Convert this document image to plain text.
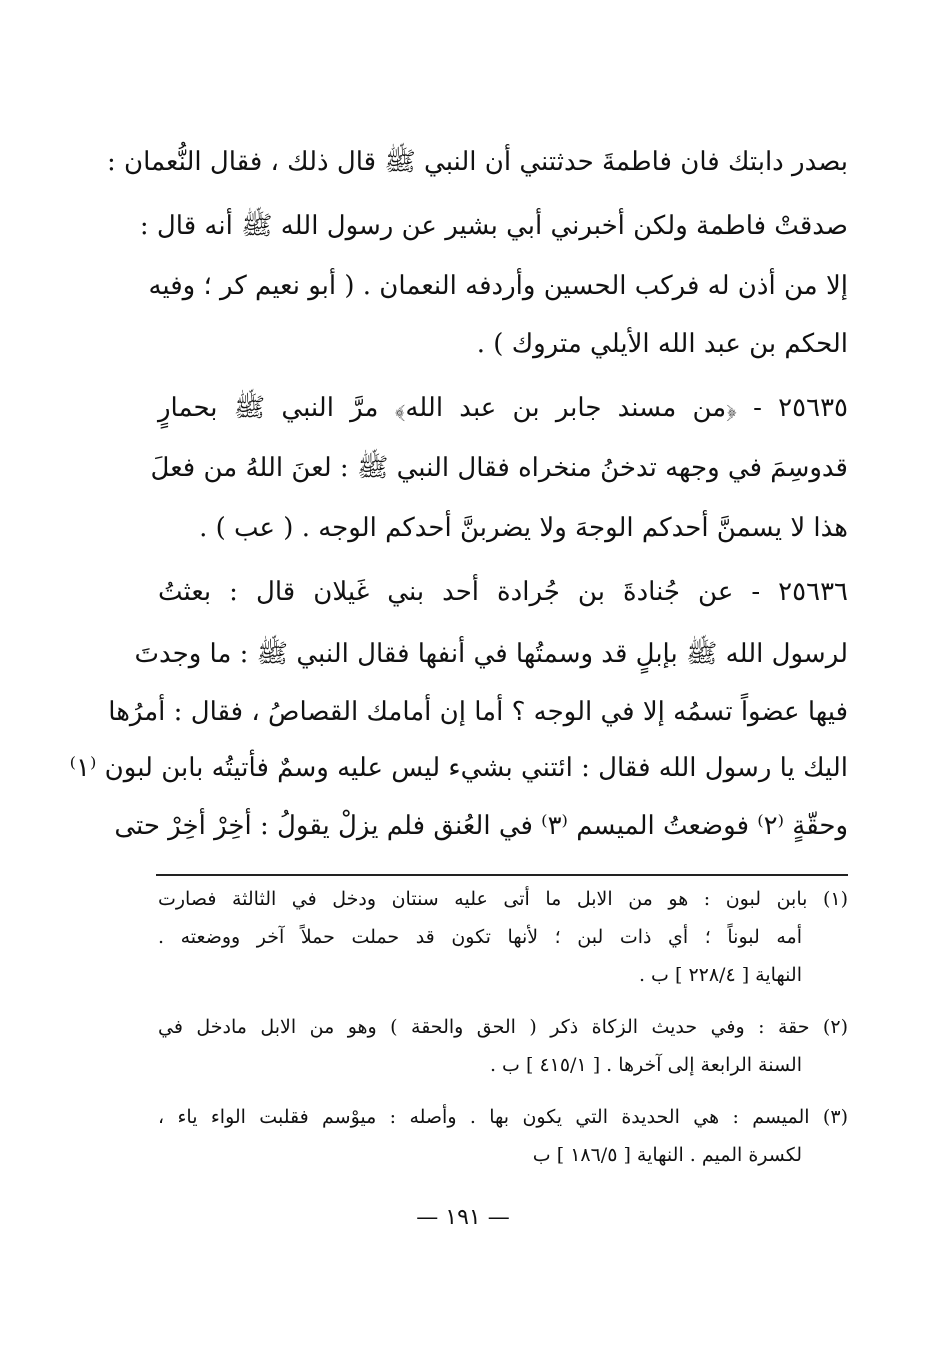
بصدر دابتك فان فاطمةَ حدثتني أن النبي ﷺ قال ذلك ، فقال النُّعمان :
صدقتْ فاطمة ولكن أخبرني أبي بشير عن رسول الله ﷺ أنه قال :
إلا من أذن له فركب الحسين وأردفه النعمان . ( أبو نعيم كر ؛ وفيه
الحكم بن عبد الله الأيلي متروك ) .
٢٥٦٣٥ - ﴿من مسند جابر بن عبد الله﴾ مرَّ النبي ﷺ بحمارٍ
قدوسِمَ في وجهه تدخنُ منخراه فقال النبي ﷺ : لعنَ اللهُ من فعلَ
هذا لا يسمنَّ أحدكم الوجهَ ولا يضربنَّ أحدكم الوجه . ( عب ) .
٢٥٦٣٦ - عن جُنادةَ بن جُرادة أحد بني غَيلان قال : بعثتُ
لرسول الله ﷺ بإبلٍ قد وسمتُها في أنفها فقال النبي ﷺ : ما وجدتَ
فيها عضواً تسمُه إلا في الوجه ؟ أما إن أمامك القصاصُ ، فقال : أمرُها
اليك يا رسول الله فقال : ائتني بشيء ليس عليه وسمٌ فأتيتُه بابن لبون ⁽١⁾
وحقّةٍ ⁽٢⁾ فوضعتُ الميسم ⁽٣⁾ في العُنق فلم يزلْ يقولُ : أخِرْ أخِرْ حتى
(١) بابن لبون : هو من الابل ما أتى عليه سنتان ودخل في الثالثة فصارت
أمه لبوناً ؛ أي ذات لبن ؛ لأنها تكون قد حملت حملاً آخر ووضعته .
النهاية [ ٢٢٨/٤ ] ب .
(٢) حقة : وفي حديث الزكاة ذكر ( الحق والحقة ) وهو من الابل مادخل في
السنة الرابعة إلى آخرها . [ ٤١٥/١ ] ب .
(٣) الميسم : هي الحديدة التي يكون بها . وأصله : ميوْسم فقلبت الواء ياء ،
لكسرة الميم . النهاية [ ١٨٦/٥ ] ب
— ١٩١ —
